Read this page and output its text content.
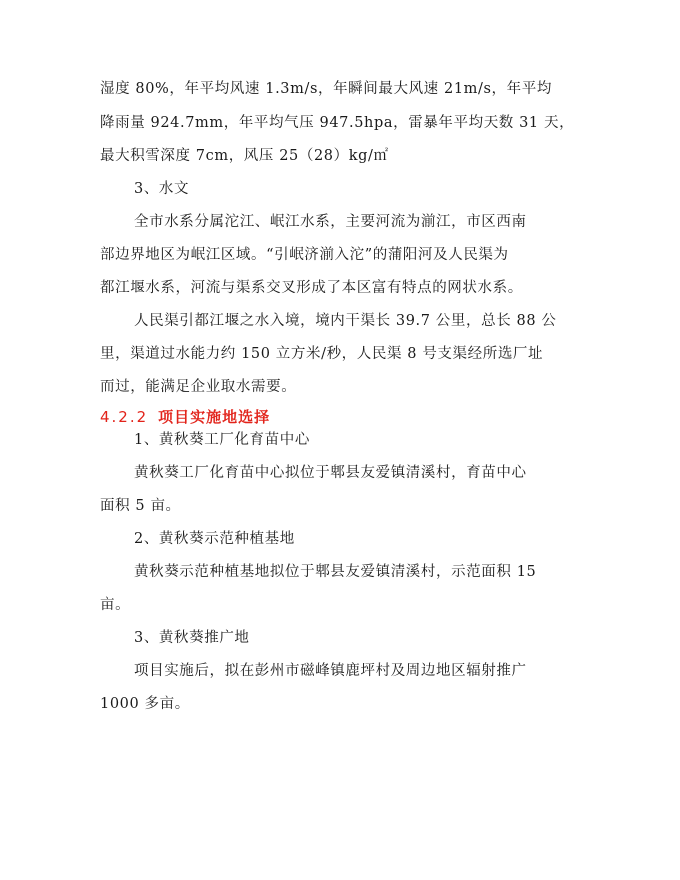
湿度 80%，年平均风速 1.3m/s，年瞬间最大风速 21m/s，年平均
降雨量 924.7mm，年平均气压 947.5hpa，雷暴年平均天数 31 天，
最大积雪深度 7cm，风压 25（28）kg/㎡
3、水文
全市水系分属沱江、岷江水系，主要河流为湔江，市区西南
部边界地区为岷江区域。“引岷济湔入沱”的蒲阳河及人民渠为
都江堰水系，河流与渠系交叉形成了本区富有特点的网状水系。
人民渠引都江堰之水入境，境内干渠长 39.7 公里，总长 88 公
里，渠道过水能力约 150 立方米/秒，人民渠 8 号支渠经所选厂址
而过，能满足企业取水需要。
4.2.2 项目实施地选择
1、黄秋葵工厂化育苗中心
黄秋葵工厂化育苗中心拟位于郫县友爱镇清溪村，育苗中心
面积 5 亩。
2、黄秋葵示范种植基地
黄秋葵示范种植基地拟位于郫县友爱镇清溪村，示范面积 15
亩。
3、黄秋葵推广地
项目实施后，拟在彭州市磁峰镇鹿坪村及周边地区辐射推广
1000 多亩。
